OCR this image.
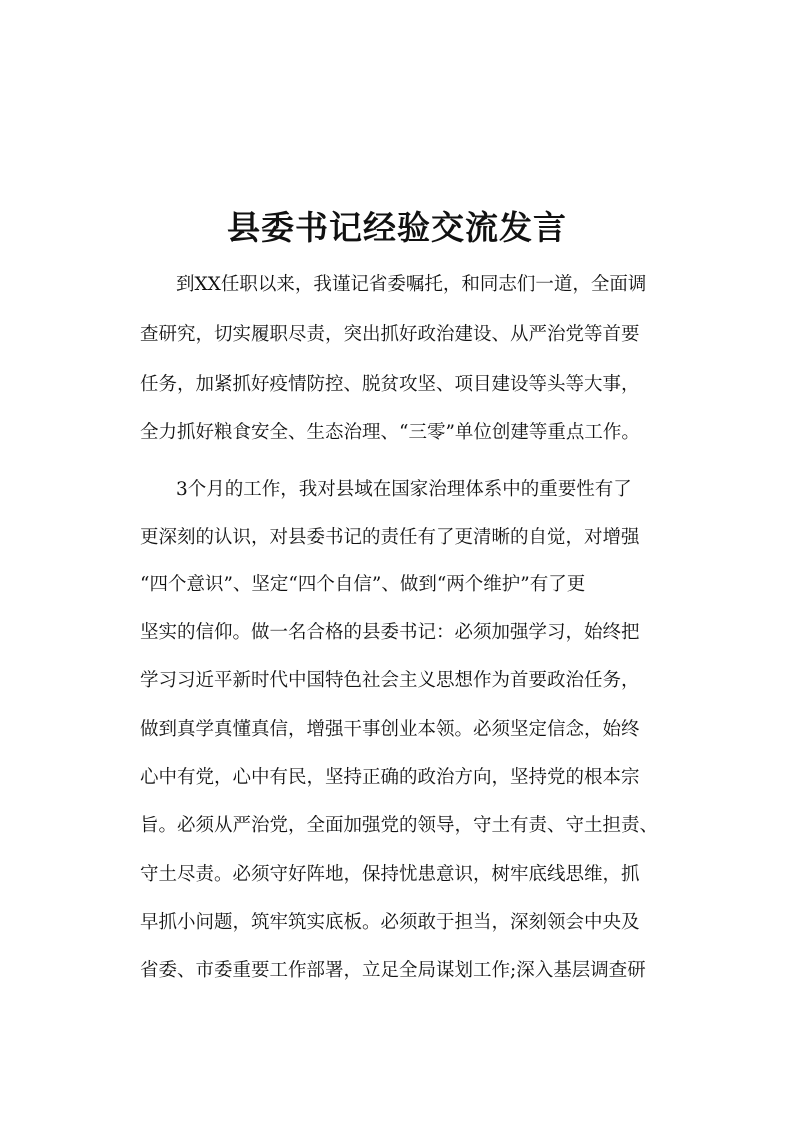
县委书记经验交流发言
到XX任职以来，我谨记省委嘱托，和同志们一道，全面调
查研究，切实履职尽责，突出抓好政治建设、从严治党等首要
任务，加紧抓好疫情防控、脱贫攻坚、项目建设等头等大事，
全力抓好粮食安全、生态治理、“三零”单位创建等重点工作。
3个月的工作，我对县域在国家治理体系中的重要性有了
更深刻的认识，对县委书记的责任有了更清晰的自觉，对增强
“四个意识”、坚定“四个自信”、做到“两个维护”有了更
坚实的信仰。做一名合格的县委书记：必须加强学习，始终把
学习习近平新时代中国特色社会主义思想作为首要政治任务，
做到真学真懂真信，增强干事创业本领。必须坚定信念，始终
心中有党，心中有民，坚持正确的政治方向，坚持党的根本宗
旨。必须从严治党，全面加强党的领导，守土有责、守土担责、
守土尽责。必须守好阵地，保持忧患意识，树牢底线思维，抓
早抓小问题，筑牢筑实底板。必须敢于担当，深刻领会中央及
省委、市委重要工作部署，立足全局谋划工作;深入基层调查研
